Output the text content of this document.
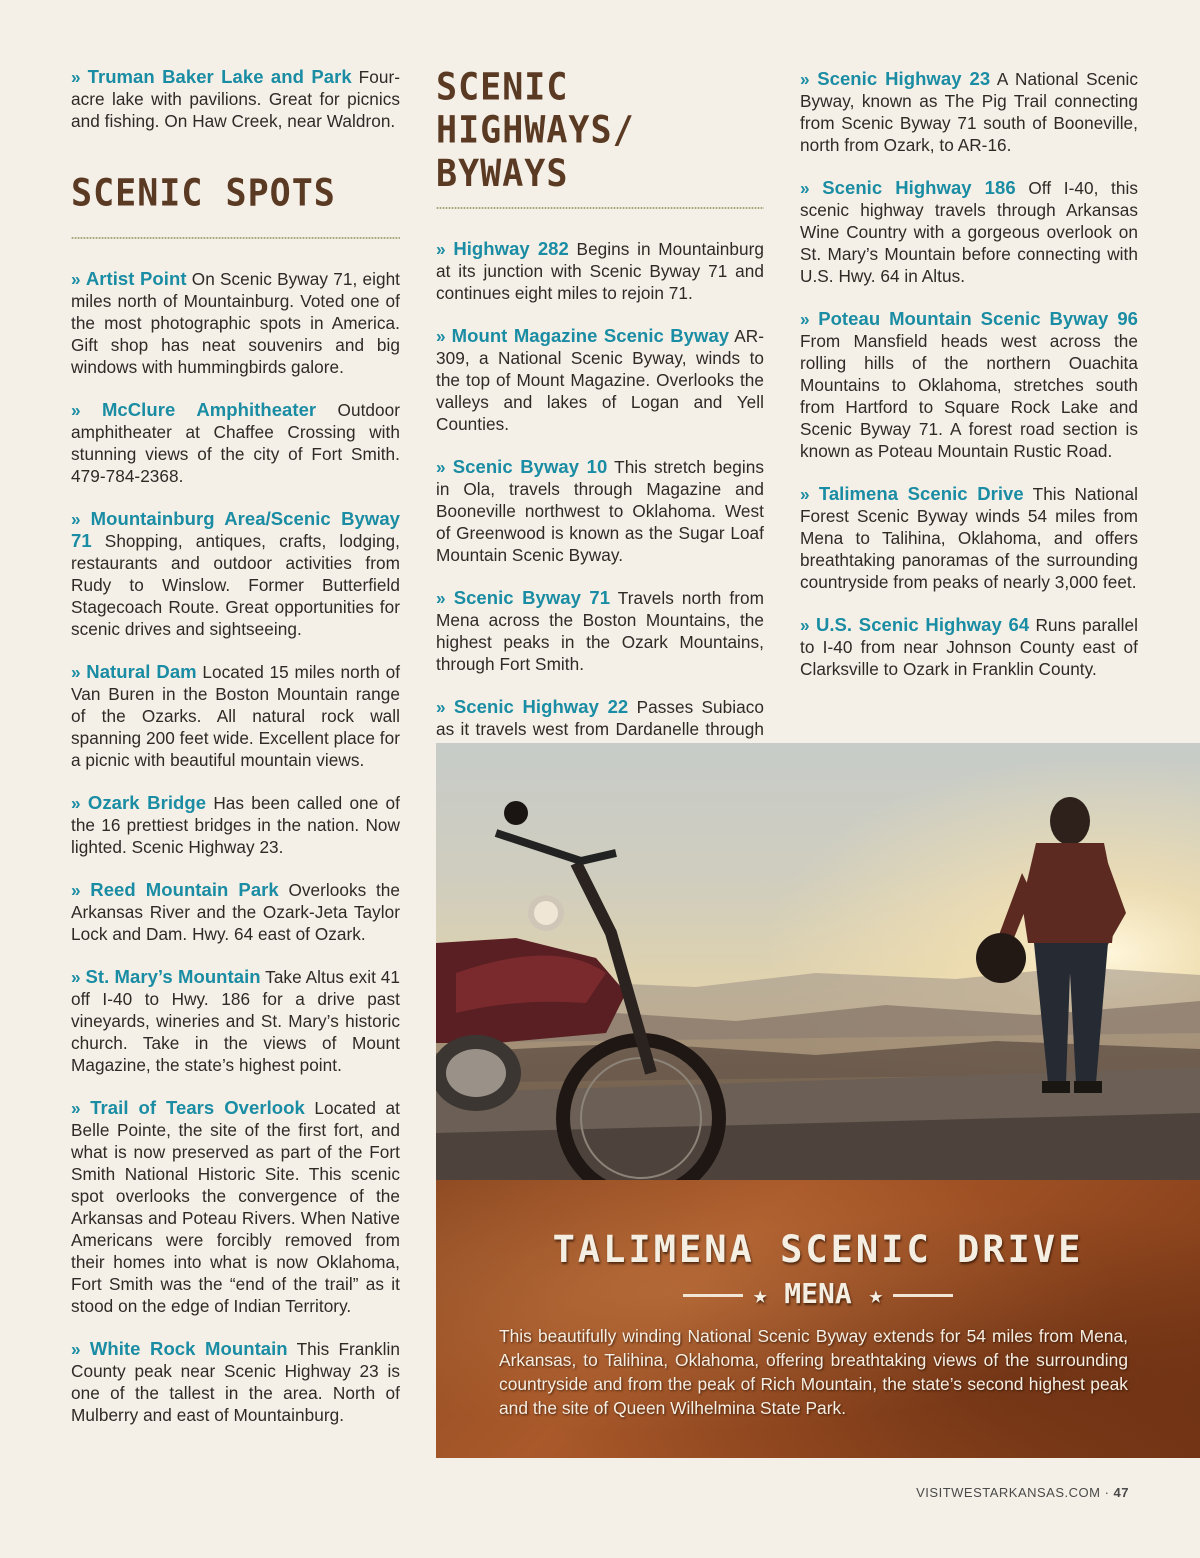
» Truman Baker Lake and Park Four-acre lake with pavilions. Great for picnics and fishing. On Haw Creek, near Waldron.

SCENIC SPOTS

» Artist Point On Scenic Byway 71, eight miles north of Mountainburg. Voted one of the most photographic spots in America. Gift shop has neat souvenirs and big windows with hummingbirds galore.

» McClure Amphitheater Outdoor amphitheater at Chaffee Crossing with stunning views of the city of Fort Smith. 479-784-2368.

» Mountainburg Area/Scenic Byway 71 Shopping, antiques, crafts, lodging, restaurants and outdoor activities from Rudy to Winslow. Former Butterfield Stagecoach Route. Great opportunities for scenic drives and sightseeing.

» Natural Dam Located 15 miles north of Van Buren in the Boston Mountain range of the Ozarks. All natural rock wall spanning 200 feet wide. Excellent place for a picnic with beautiful mountain views.

» Ozark Bridge Has been called one of the 16 prettiest bridges in the nation. Now lighted. Scenic Highway 23.

» Reed Mountain Park Overlooks the Arkansas River and the Ozark-Jeta Taylor Lock and Dam. Hwy. 64 east of Ozark.

» St. Mary’s Mountain Take Altus exit 41 off I-40 to Hwy. 186 for a drive past vineyards, wineries and St. Mary’s historic church. Take in the views of Mount Magazine, the state’s highest point.

» Trail of Tears Overlook Located at Belle Pointe, the site of the first fort, and what is now preserved as part of the Fort Smith National Historic Site. This scenic spot overlooks the convergence of the Arkansas and Poteau Rivers. When Native Americans were forcibly removed from their homes into what is now Oklahoma, Fort Smith was the “end of the trail” as it stood on the edge of Indian Territory.

» White Rock Mountain This Franklin County peak near Scenic Highway 23 is one of the tallest in the area. North of Mulberry and east of Mountainburg.

SCENIC HIGHWAYS/
BYWAYS

» Highway 282 Begins in Mountainburg at its junction with Scenic Byway 71 and continues eight miles to rejoin 71.

» Mount Magazine Scenic Byway AR-309, a National Scenic Byway, winds to the top of Mount Magazine. Overlooks the valleys and lakes of Logan and Yell Counties.

» Scenic Byway 10 This stretch begins in Ola, travels through Magazine and Booneville northwest to Oklahoma. West of Greenwood is known as the Sugar Loaf Mountain Scenic Byway.

» Scenic Byway 71 Travels north from Mena across the Boston Mountains, the highest peaks in the Ozark Mountains, through Fort Smith.

» Scenic Highway 22 Passes Subiaco as it travels west from Dardanelle through

» Scenic Highway 23 A National Scenic Byway, known as The Pig Trail connecting from Scenic Byway 71 south of Booneville, north from Ozark, to AR-16.

» Scenic Highway 186 Off I-40, this scenic highway travels through Arkansas Wine Country with a gorgeous overlook on St. Mary’s Mountain before connecting with U.S. Hwy. 64 in Altus.

» Poteau Mountain Scenic Byway 96 From Mansfield heads west across the rolling hills of the northern Ouachita Mountains to Oklahoma, stretches south from Hartford to Square Rock Lake and Scenic Byway 71. A forest road section is known as Poteau Mountain Rustic Road.

» Talimena Scenic Drive This National Forest Scenic Byway winds 54 miles from Mena to Talihina, Oklahoma, and offers breathtaking panoramas of the surrounding countryside from peaks of nearly 3,000 feet.

» U.S. Scenic Highway 64 Runs parallel to I-40 from near Johnson County east of Clarksville to Ozark in Franklin County.

TALIMENA SCENIC DRIVE
★ MENA ★

This beautifully winding National Scenic Byway extends for 54 miles from Mena, Arkansas, to Talihina, Oklahoma, offering breathtaking views of the surrounding countryside and from the peak of Rich Mountain, the state’s second highest peak and the site of Queen Wilhelmina State Park.

VISITWESTARKANSAS.COM · 47
